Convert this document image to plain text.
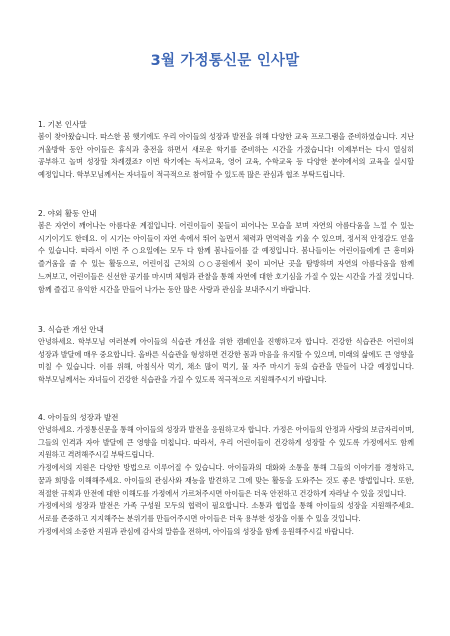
3월 가정통신문 인사말
1. 기본 인사말

봄이 찾아왔습니다. 따스한 봄 햇기에도 우리 아이들의 성장과 발전을 위해 다양한 교육 프로그램을 준비하였습니다. 지난 겨울방학 동안 아이들은 휴식과 충전을 하면서 새로운 학기를 준비하는 시간을 가졌습니다! 이제부터는 다시 열심히 공부하고 놀며 성장할 차례겠죠? 이번 학기에는 독서교육, 영어 교육, 수학교육 등 다양한 분야에서의 교육을 실시할 예정입니다. 학부모님께서는 자녀들이 적극적으로 참여할 수 있도록 많은 관심과 협조 부탁드립니다.

2. 야외 활동 안내

봄은 자연이 깨어나는 아름다운 계절입니다. 어린이들이 꽃들이 피어나는 모습을 보며 자연의 아름다움을 느낄 수 있는 시기이기도 한데요. 이 시기는 아이들이 자연 속에서 뛰어 놀면서 체력과 면역력을 키울 수 있으며, 정서적 안정감도 얻을 수 있습니다. 따라서 이번 주 ○요일에는 모두 다 함께 봄나들이를 갈 예정입니다. 봄나들이는 어린이들에게 큰 흥미와 즐거움을 줄 수 있는 활동으로, 어린이집 근처의 ○○공원에서 꽃이 피어난 곳을 탐방하며 자연의 아름다움을 함께 느껴보고, 어린이들은 신선한 공기를 마시며 체험과 관찰을 통해 자연에 대한 호기심을 가질 수 있는 시간을 가질 것입니다. 함께 즐겁고 유익한 시간을 만들어 나가는 동안 많은 사랑과 관심을 보내주시기 바랍니다.

3. 식습관 개선 안내

안녕하세요. 학부모님 여러분께 아이들의 식습관 개선을 위한 캠페인을 진행하고자 합니다. 건강한 식습관은 어린이의 성장과 발달에 매우 중요합니다. 올바른 식습관을 형성하면 건강한 몸과 마음을 유지할 수 있으며, 미래의 삶에도 큰 영향을 미칠 수 있습니다. 이를 위해, 아침식사 먹기, 채소 많이 먹기, 물 자주 마시기 등의 습관을 만들어 나갈 예정입니다. 학부모님께서는 자녀들이 건강한 식습관을 가질 수 있도록 적극적으로 지원해주시기 바랍니다.

4. 아이들의 성장과 발전

안녕하세요. 가정통신문을 통해 아이들의 성장과 발전을 응원하고자 합니다. 가정은 아이들의 안정과 사랑의 보금자리이며, 그들의 인격과 자아 발달에 큰 영향을 미칩니다. 따라서, 우리 어린이들이 건강하게 성장할 수 있도록 가정에서도 함께 지원하고 격려해주시길 부탁드립니다.

가정에서의 지원은 다양한 방법으로 이루어질 수 있습니다. 아이들과의 대화와 소통을 통해 그들의 이야기를 경청하고, 꿈과 희망을 이해해주세요. 아이들의 관심사와 재능을 발견하고 그에 맞는 활동을 도와주는 것도 좋은 방법입니다. 또한, 적절한 규칙과 안전에 대한 이해도를 가정에서 가르쳐주시면 아이들은 더욱 안전하고 건강하게 자라날 수 있을 것입니다.

가정에서의 성장과 발전은 가족 구성원 모두의 협력이 필요합니다. 소통과 협업을 통해 아이들의 성장을 지원해주세요. 서로를 존중하고 지지해주는 분위기를 만들어주시면 아이들은 더욱 용부한 성장을 이룰 수 있을 것입니다.

가정에서의 소중한 지원과 관심에 감사의 말씀을 전하며, 아이들의 성장을 함께 응원해주시길 바랍니다.
